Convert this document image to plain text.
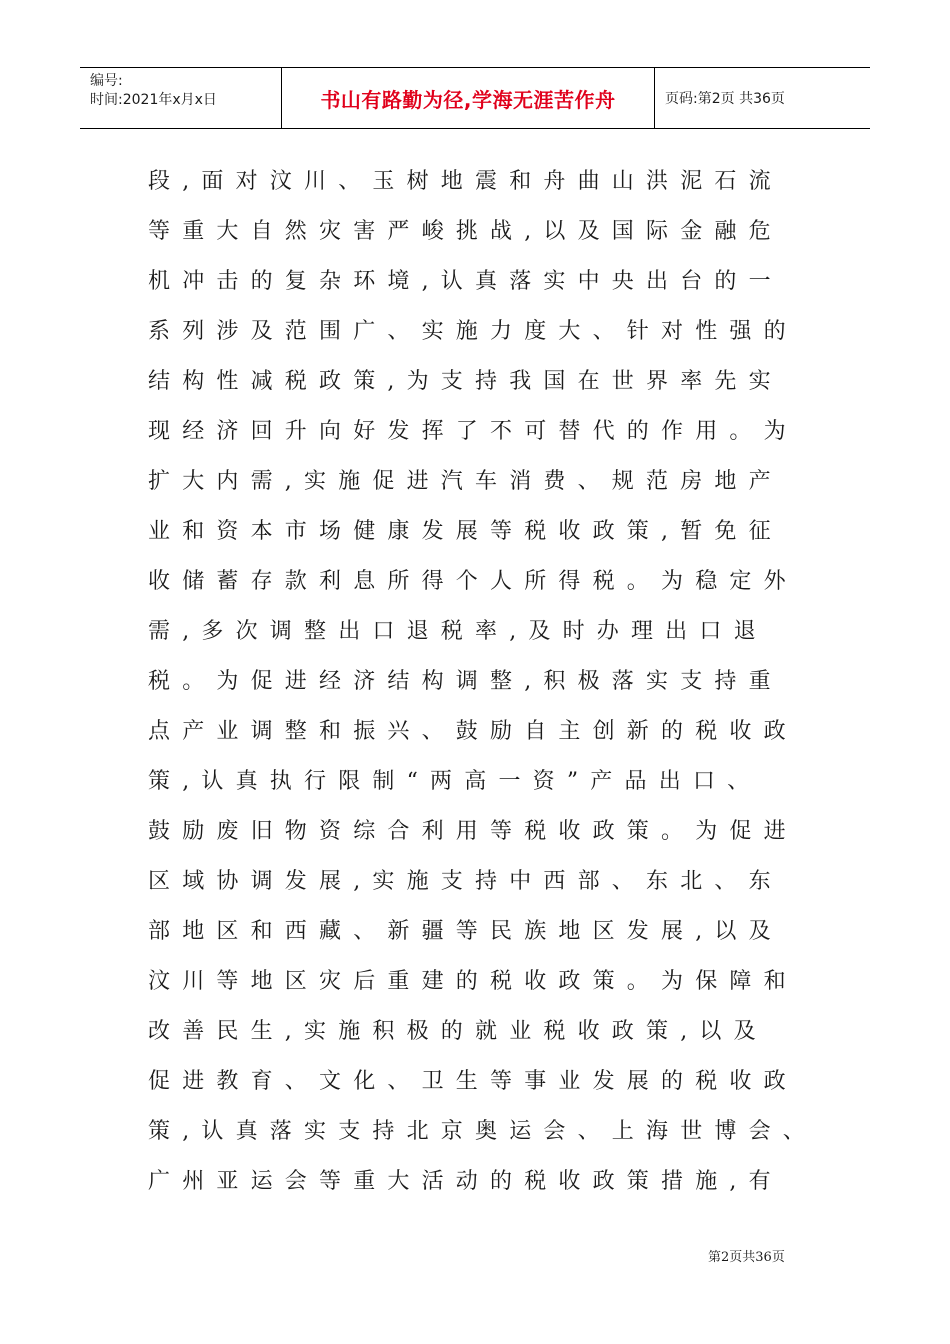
编号:
时间:2021年x月x日	书山有路勤为径,学海无涯苦作舟	页码:第2页 共36页
段,面对汶川、玉树地震和舟曲山洪泥石流
等重大自然灾害严峻挑战,以及国际金融危
机冲击的复杂环境,认真落实中央出台的一
系列涉及范围广、实施力度大、针对性强的
结构性减税政策,为支持我国在世界率先实
现经济回升向好发挥了不可替代的作用。为
扩大内需,实施促进汽车消费、规范房地产
业和资本市场健康发展等税收政策,暂免征
收储蓄存款利息所得个人所得税。为稳定外
需,多次调整出口退税率,及时办理出口退
税。为促进经济结构调整,积极落实支持重
点产业调整和振兴、鼓励自主创新的税收政
策,认真执行限制“两高一资”产品出口、
鼓励废旧物资综合利用等税收政策。为促进
区域协调发展,实施支持中西部、东北、东
部地区和西藏、新疆等民族地区发展,以及
汶川等地区灾后重建的税收政策。为保障和
改善民生,实施积极的就业税收政策,以及
促进教育、文化、卫生等事业发展的税收政
策,认真落实支持北京奥运会、上海世博会、
广州亚运会等重大活动的税收政策措施,有
第2页共36页
